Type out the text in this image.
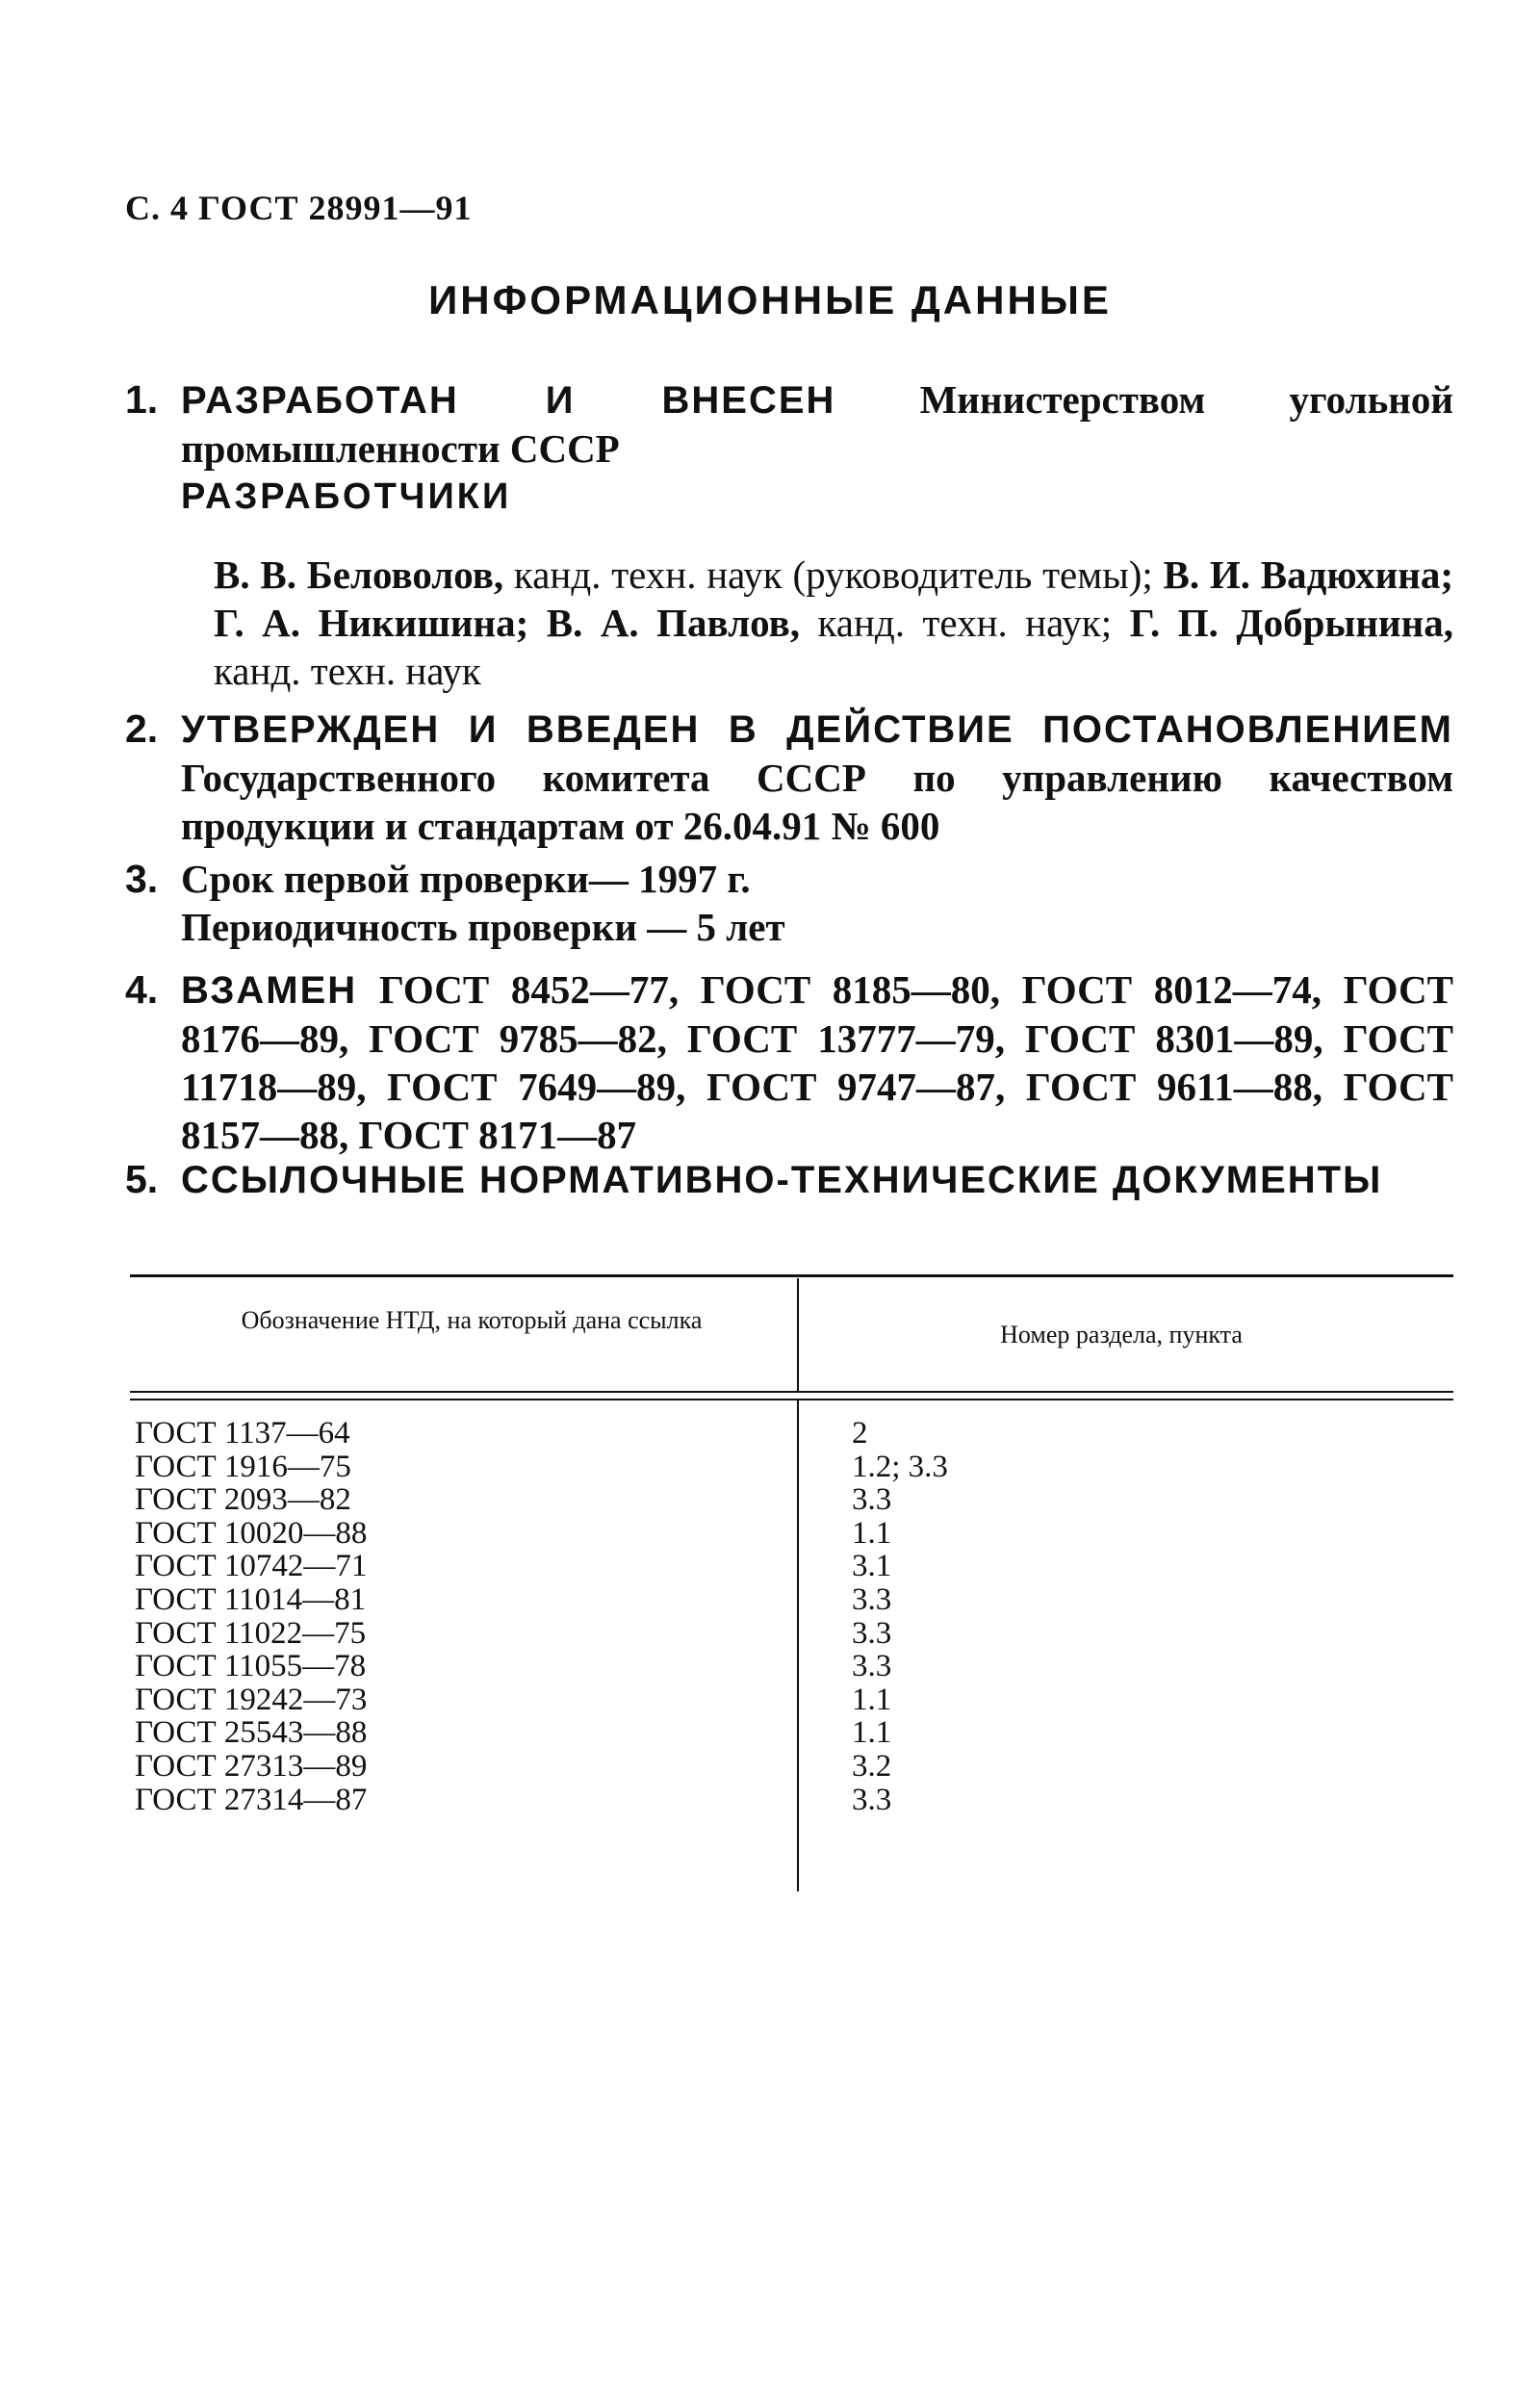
С. 4 ГОСТ 28991—91
ИНФОРМАЦИОННЫЕ ДАННЫЕ
1. РАЗРАБОТАН И ВНЕСЕН Министерством угольной промышленности СССР
РАЗРАБОТЧИКИ
В. В. Беловолов, канд. техн. наук (руководитель темы); В. И. Вадюхина; Г. А. Никишина; В. А. Павлов, канд. техн. наук; Г. П. Добрынина, канд. техн. наук
2. УТВЕРЖДЕН И ВВЕДЕН В ДЕЙСТВИЕ ПОСТАНОВЛЕНИЕМ Государственного комитета СССР по управлению качеством продукции и стандартам от 26.04.91 № 600
3. Срок первой проверки— 1997 г.
Периодичность проверки — 5 лет
4. ВЗАМЕН ГОСТ 8452—77, ГОСТ 8185—80, ГОСТ 8012—74, ГОСТ 8176—89, ГОСТ 9785—82, ГОСТ 13777—79, ГОСТ 8301—89, ГОСТ 11718—89, ГОСТ 7649—89, ГОСТ 9747—87, ГОСТ 9611—88, ГОСТ 8157—88, ГОСТ 8171—87
5. ССЫЛОЧНЫЕ НОРМАТИВНО-ТЕХНИЧЕСКИЕ ДОКУМЕНТЫ
Обозначение НТД, на который дана ссылка
Номер раздела, пункта
ГОСТ 1137—64	2
ГОСТ 1916—75	1.2; 3.3
ГОСТ 2093—82	3.3
ГОСТ 10020—88	1.1
ГОСТ 10742—71	3.1
ГОСТ 11014—81	3.3
ГОСТ 11022—75	3.3
ГОСТ 11055—78	3.3
ГОСТ 19242—73	1.1
ГОСТ 25543—88	1.1
ГОСТ 27313—89	3.2
ГОСТ 27314—87	3.3
